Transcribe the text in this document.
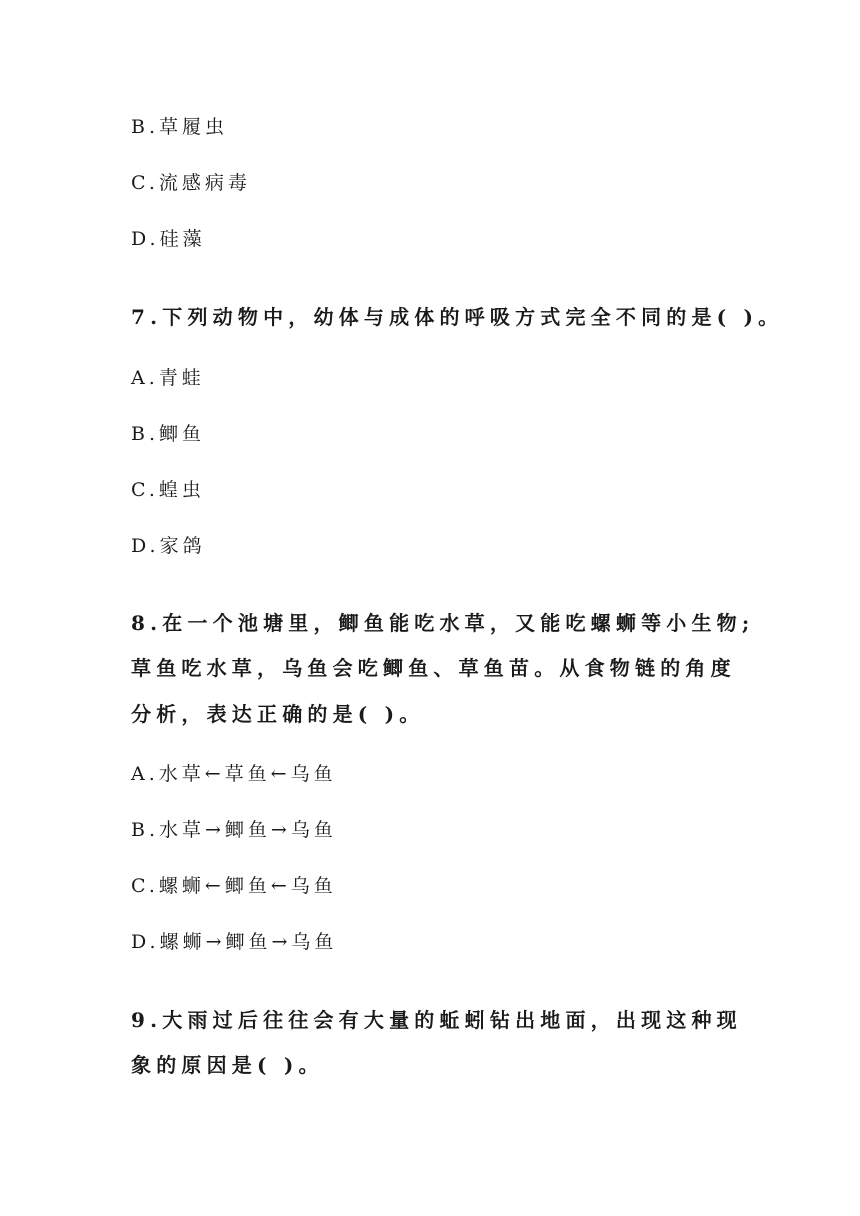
B.草履虫
C.流感病毒
D.硅藻
7.下列动物中，幼体与成体的呼吸方式完全不同的是( )。
A.青蛙
B.鲫鱼
C.蝗虫
D.家鸽
8.在一个池塘里，鲫鱼能吃水草，又能吃螺蛳等小生物;
草鱼吃水草，乌鱼会吃鲫鱼、草鱼苗。从食物链的角度
分析，表达正确的是( )。
A.水草←草鱼←乌鱼
B.水草→鲫鱼→乌鱼
C.螺蛳←鲫鱼←乌鱼
D.螺蛳→鲫鱼→乌鱼
9.大雨过后往往会有大量的蚯蚓钻出地面，出现这种现
象的原因是( )。
